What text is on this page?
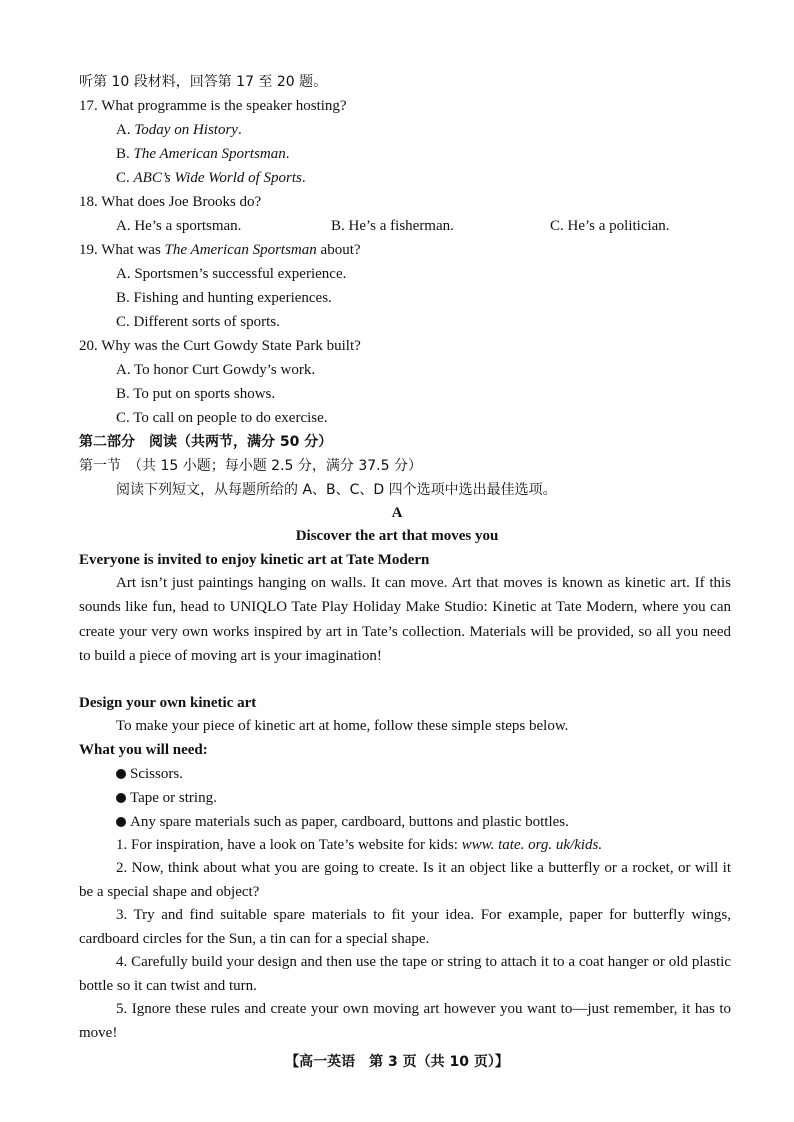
听第 10 段材料，回答第 17 至 20 题。
17. What programme is the speaker hosting?
A. Today on History.
B. The American Sportsman.
C. ABC’s Wide World of Sports.
18. What does Joe Brooks do?
A. He’s a sportsman.	B. He’s a fisherman.	C. He’s a politician.
19. What was The American Sportsman about?
A. Sportsmen’s successful experience.
B. Fishing and hunting experiences.
C. Different sorts of sports.
20. Why was the Curt Gowdy State Park built?
A. To honor Curt Gowdy’s work.
B. To put on sports shows.
C. To call on people to do exercise.
第二部分　阅读（共两节，满分 50 分）
第一节　（共 15 小题；每小题 2.5 分，满分 37.5 分）
阅读下列短文，从每题所给的 A、B、C、D 四个选项中选出最佳选项。
A
Discover the art that moves you
Everyone is invited to enjoy kinetic art at Tate Modern
Art isn’t just paintings hanging on walls. It can move. Art that moves is known as kinetic art. If this sounds like fun, head to UNIQLO Tate Play Holiday Make Studio: Kinetic at Tate Modern, where you can create your very own works inspired by art in Tate’s collection. Materials will be provided, so all you need to build a piece of moving art is your imagination!
Design your own kinetic art
To make your piece of kinetic art at home, follow these simple steps below.
What you will need:
Scissors.
Tape or string.
Any spare materials such as paper, cardboard, buttons and plastic bottles.
1. For inspiration, have a look on Tate’s website for kids: www. tate. org. uk/kids.
2. Now, think about what you are going to create. Is it an object like a butterfly or a rocket, or will it be a special shape and object?
3. Try and find suitable spare materials to fit your idea. For example, paper for butterfly wings, cardboard circles for the Sun, a tin can for a special shape.
4. Carefully build your design and then use the tape or string to attach it to a coat hanger or old plastic bottle so it can twist and turn.
5. Ignore these rules and create your own moving art however you want to—just remember, it has to move!
【高一英语　第 3 页（共 10 页）】
